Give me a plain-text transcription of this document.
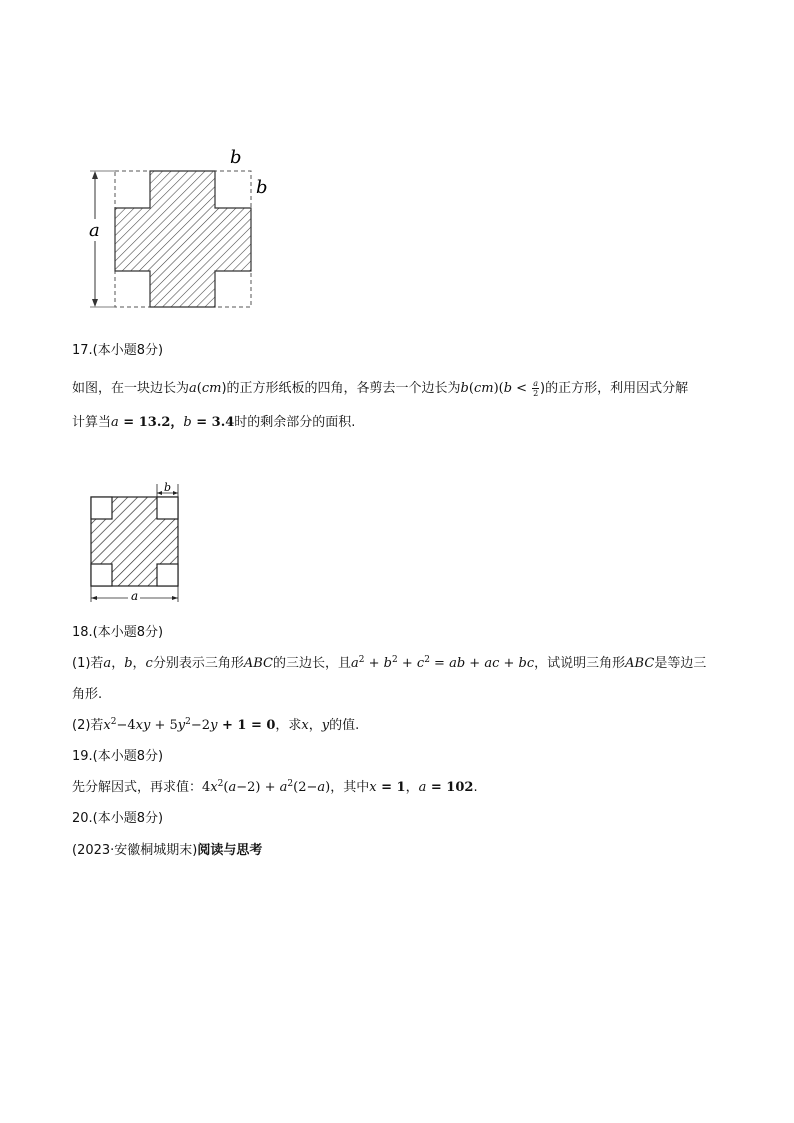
a
b
b
17.(本小题8分)
如图，在一块边长为a(cm)的正方形纸板的四角，各剪去一个边长为$b(cm)(b < \frac{a}{2}$ )的正方形，利用因式分解
计算当a = 13.2，b = 3.4时的剩余部分的面积.
b
a
18.(本小题8分)
(1)若a，b，c分别表示三角形ABC的三边长，且$a^2 + b^2 + c^2$ = ab + ac + bc，试说明三角形ABC是等边三
角形.
(2)若$x^2-4xy + 5y^2-2y + 1 = 0$，求x，y的值.
19.(本小题8分)
先分解因式，再求值：$4x^2(a-2) + a^2(2-a)$，其中x = 1，a = 102.
20.(本小题8分)
(2023·安徽桐城期末)阅读与思考
